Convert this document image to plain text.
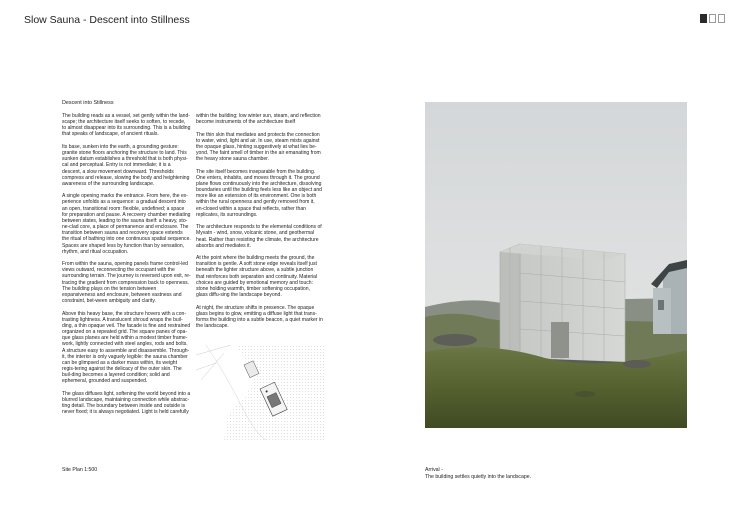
Slow Sauna - Descent into Stillness
Descent into Stillness

The building reads as a vessel, set gently within the land-scape; the architecture itself seeks to soften, to recede, to almost disappear into its surrounding. This is a building that speaks of landscape, of ancient rituals.

Its base, sunken into the earth, a grounding gesture: granite stone floors anchoring the structure to land. This sunken datum establishes a threshold that is both physi-cal and perceptual. Entry is not immediate; it is a descent, a slow movement downward. Thresholds compress and release, slowing the body and heightening awareness of the surrounding landscape.

A single opening marks the entrance. From here, the ex-perience unfolds as a sequence: a gradual descent into an open, transitional room: flexible, undefined; a space for preparation and pause. A recovery chamber mediating between states, leading to the sauna itself: a heavy, sto-ne-clad core, a place of permanence and enclosure. The transition between sauna and recovery space extends the ritual of bathing into one continuous spatial sequence. Spaces are shaped less by function than by sensation, rhythm, and ritual occupation.

From within the sauna, opening panels frame control-led views outward, reconnecting the occupant with the surrounding terrain. The journey is reversed upon exit, re-tracing the gradient from compression back to openness. The building plays on the tension between expansiveness and enclosure, between vastness and constraint, bet-ween ambiguity and clarity.

Above this heavy base, the structure hovers with a con-trasting lightness. A translucent shroud wraps the buil-ding, a thin opaque veil. The facade is fine and restrained organized on a repeated grid. The square panes of opa-que glass planes are held within a modest timber frame-work, lightly connected with steel angles, rods and bolts. A structure easy to assemble and disassemble. Through-it, the interior is only vaguely legible: the sauna chamber can be glimpsed as a darker mass within, its weight regis-tering against the delicacy of the outer skin. The buil-ding becomes a layered condition; solid and ephemeral, grounded and suspended.

The glass diffuses light, softening the world beyond into a blurred landscape, maintaining connection while abstrac-ting detail. The boundary between inside and outside is never fixed; it is always negotiated. Light is held carefully

within the building; low winter sun, steam, and reflection become instruments of the architecture itself

The thin skin that mediates and protects the connection to water, wind, light and air. In use, steam mists against the opaque glass, hinting suggestively at what lies be-yond. The faint smell of timber in the air emanating from the heavy stone sauna chamber.

The site itself becomes inseparable from the building. One enters, inhabits, and moves through it. The ground plane flows continuously into the architecture, dissolving boundaries until the building feels less like an object and more like an extension of its environment. One is both within the rural openness and gently removed from it, en-closed within a space that reflects, rather than replicates, its surroundings.

The architecture responds to the elemental conditions of Myvatn - wind, snow, volcanic stone, and geothermal heat. Rather than resisting the climate, the architecture absorbs and mediates it.

At the point where the building meets the ground, the transition is gentle. A soft stone edge reveals itself just beneath the lighter structure above, a subtle junction that reinforces both separation and continuity. Material choices are guided by emotional memory and touch: stone holding warmth, timber softening occupation, glass diffu-sing the landscape beyond.

At night, the structure shifts in presence. The opaque glass begins to glow, emitting a diffuse light that trans-forms the building into a subtle beacon, a quiet marker in the landscape.

Site Plan 1:500	Arrival -
The building settles quietly into the landscape.
